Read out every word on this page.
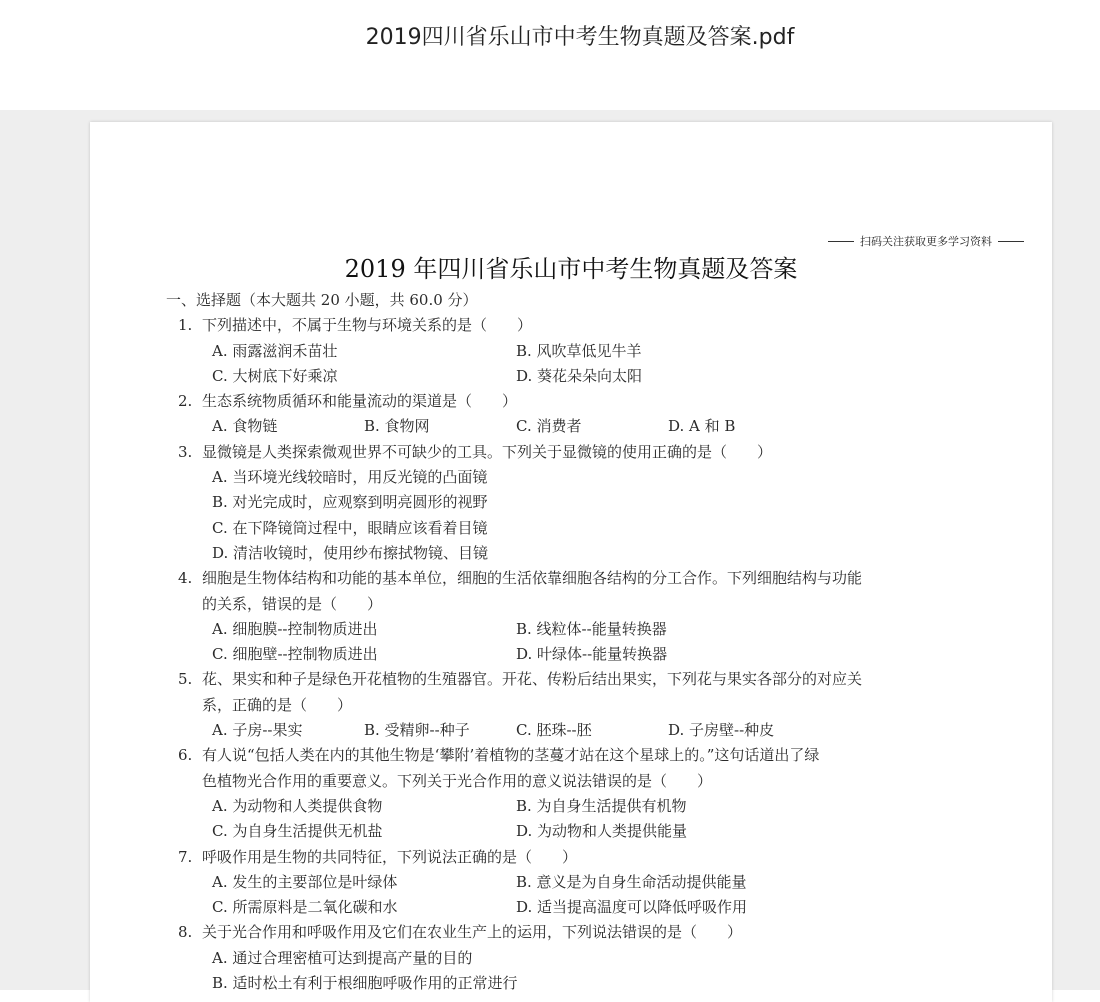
2019四川省乐山市中考生物真题及答案.pdf
扫码关注获取更多学习资料
2019 年四川省乐山市中考生物真题及答案
一、选择题（本大题共 20 小题，共 60.0 分）
1. 下列描述中，不属于生物与环境关系的是（　　）
A. 雨露滋润禾苗壮	B. 风吹草低见牛羊
C. 大树底下好乘凉	D. 葵花朵朵向太阳
2. 生态系统物质循环和能量流动的渠道是（　　）
A. 食物链	B. 食物网	C. 消费者	D. A 和 B
3. 显微镜是人类探索微观世界不可缺少的工具。下列关于显微镜的使用正确的是（　　）
A. 当环境光线较暗时，用反光镜的凸面镜
B. 对光完成时，应观察到明亮圆形的视野
C. 在下降镜筒过程中，眼睛应该看着目镜
D. 清洁收镜时，使用纱布擦拭物镜、目镜
4. 细胞是生物体结构和功能的基本单位，细胞的生活依靠细胞各结构的分工合作。下列细胞结构与功能
的关系，错误的是（　　）
A. 细胞膜--控制物质进出	B. 线粒体--能量转换器
C. 细胞壁--控制物质进出	D. 叶绿体--能量转换器
5. 花、果实和种子是绿色开花植物的生殖器官。开花、传粉后结出果实，下列花与果实各部分的对应关
系，正确的是（　　）
A. 子房--果实	B. 受精卵--种子	C. 胚珠--胚	D. 子房壁--种皮
6. 有人说“包括人类在内的其他生物是‘攀附’着植物的茎蔓才站在这个星球上的。”这句话道出了绿
色植物光合作用的重要意义。下列关于光合作用的意义说法错误的是（　　）
A. 为动物和人类提供食物	B. 为自身生活提供有机物
C. 为自身生活提供无机盐	D. 为动物和人类提供能量
7. 呼吸作用是生物的共同特征，下列说法正确的是（　　）
A. 发生的主要部位是叶绿体	B. 意义是为自身生命活动提供能量
C. 所需原料是二氧化碳和水	D. 适当提高温度可以降低呼吸作用
8. 关于光合作用和呼吸作用及它们在农业生产上的运用，下列说法错误的是（　　）
A. 通过合理密植可达到提高产量的目的
B. 适时松土有利于根细胞呼吸作用的正常进行
